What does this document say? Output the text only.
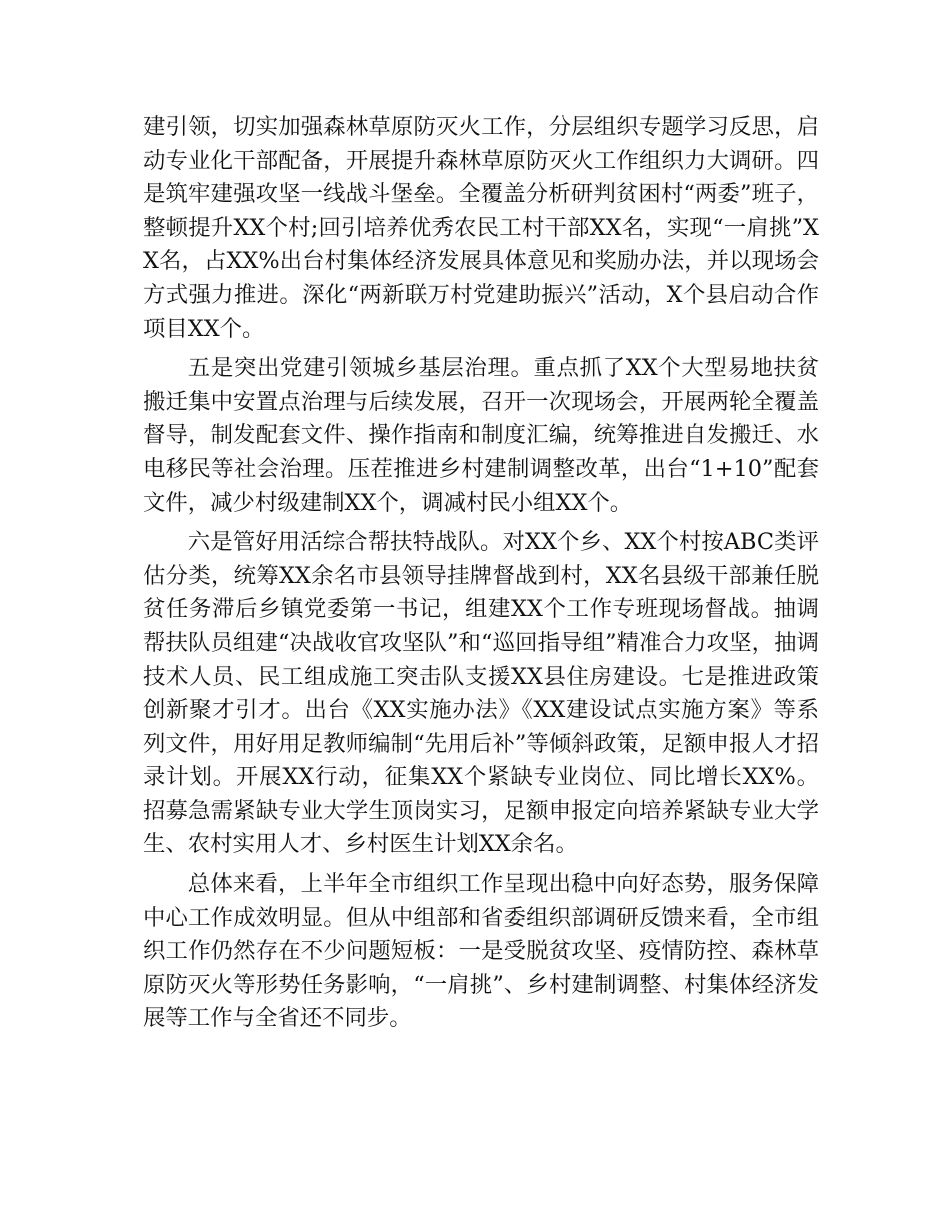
建引领，切实加强森林草原防灭火工作，分层组织专题学习反思，启动专业化干部配备，开展提升森林草原防灭火工作组织力大调研。四是筑牢建强攻坚一线战斗堡垒。全覆盖分析研判贫困村“两委”班子，整顿提升XX个村;回引培养优秀农民工村干部XX名，实现“一肩挑”XX名，占XX%出台村集体经济发展具体意见和奖励办法，并以现场会方式强力推进。深化“两新联万村党建助振兴”活动，X个县启动合作项目XX个。

五是突出党建引领城乡基层治理。重点抓了XX个大型易地扶贫搬迁集中安置点治理与后续发展，召开一次现场会，开展两轮全覆盖督导，制发配套文件、操作指南和制度汇编，统筹推进自发搬迁、水电移民等社会治理。压茬推进乡村建制调整改革，出台“1+10”配套文件，减少村级建制XX个，调减村民小组XX个。

六是管好用活综合帮扶特战队。对XX个乡、XX个村按ABC类评估分类，统筹XX余名市县领导挂牌督战到村，XX名县级干部兼任脱贫任务滞后乡镇党委第一书记，组建XX个工作专班现场督战。抽调帮扶队员组建“决战收官攻坚队”和“巡回指导组”精准合力攻坚，抽调技术人员、民工组成施工突击队支援XX县住房建设。七是推进政策创新聚才引才。出台《XX实施办法》《XX建设试点实施方案》等系列文件，用好用足教师编制“先用后补”等倾斜政策，足额申报人才招录计划。开展XX行动，征集XX个紧缺专业岗位、同比增长XX%。招募急需紧缺专业大学生顶岗实习，足额申报定向培养紧缺专业大学生、农村实用人才、乡村医生计划XX余名。

总体来看，上半年全市组织工作呈现出稳中向好态势，服务保障中心工作成效明显。但从中组部和省委组织部调研反馈来看，全市组织工作仍然存在不少问题短板：一是受脱贫攻坚、疫情防控、森林草原防灭火等形势任务影响，“一肩挑”、乡村建制调整、村集体经济发展等工作与全省还不同步。
